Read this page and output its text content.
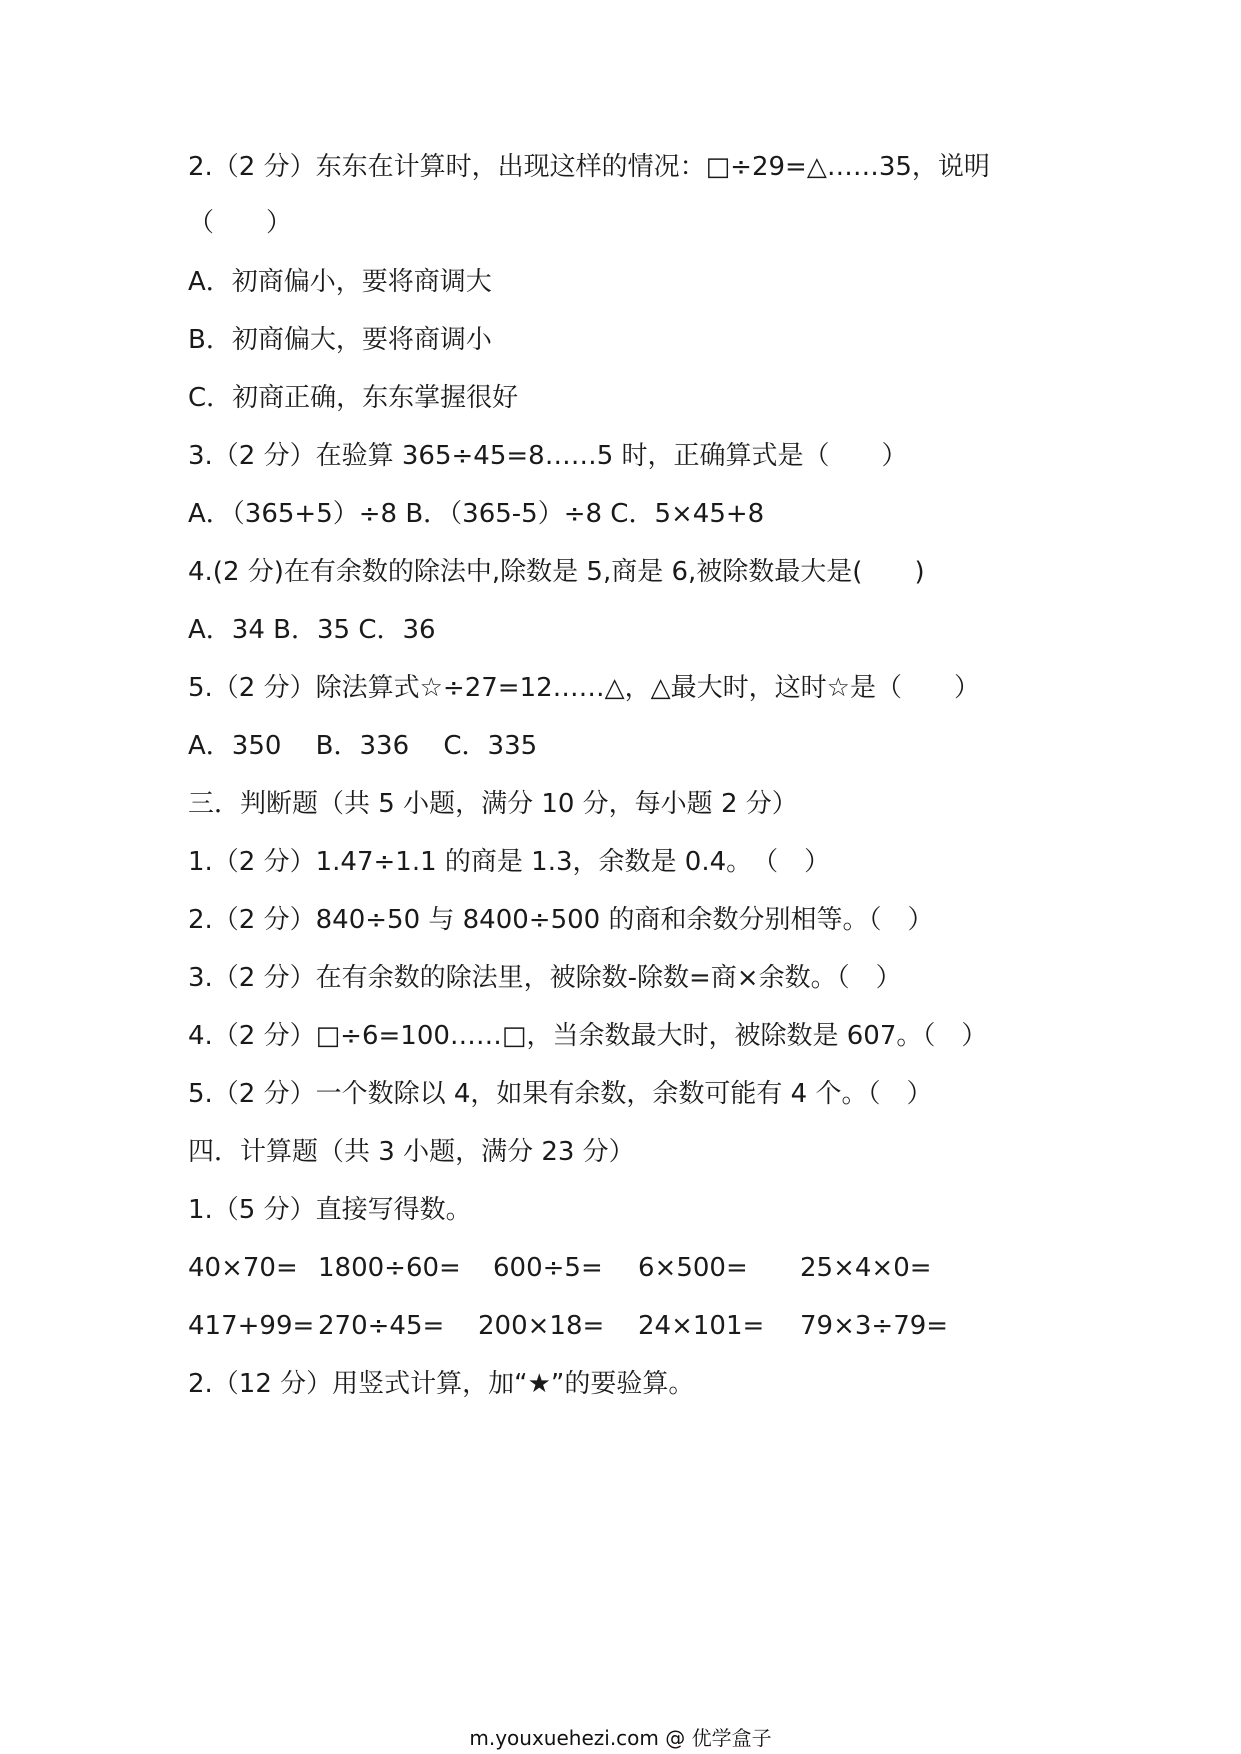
2.（2 分）东东在计算时，出现这样的情况：□÷29=△……35，说明
（　　）
A．初商偏小，要将商调大
B．初商偏大，要将商调小
C．初商正确，东东掌握很好
3.（2 分）在验算 365÷45=8……5 时，正确算式是（　　）
A．（365+5）÷8 B．（365-5）÷8 C．5×45+8
4.(2 分)在有余数的除法中,除数是 5,商是 6,被除数最大是(　　)
A．34 B．35 C．36
5.（2 分）除法算式☆÷27=12……△，△最大时，这时☆是（　　）
A．350　 B．336　 C．335
三．判断题（共 5 小题，满分 10 分，每小题 2 分）
1.（2 分）1.47÷1.1 的商是 1.3，余数是 0.4。　（　）
2.（2 分）840÷50 与 8400÷500 的商和余数分别相等。（　）
3.（2 分）在有余数的除法里，被除数-除数=商×余数。（　）
4.（2 分）□÷6=100……□，当余数最大时，被除数是 607。（　）
5.（2 分）一个数除以 4，如果有余数，余数可能有 4 个。（　）
四．计算题（共 3 小题，满分 23 分）
1.（5 分）直接写得数。
40×70= 1800÷60= 600÷5= 6×500= 25×4×0=
417+99= 270÷45= 200×18= 24×101= 79×3÷79=
2.（12 分）用竖式计算，加“★”的要验算。
m.youxuehezi.com @ 优学盒子
